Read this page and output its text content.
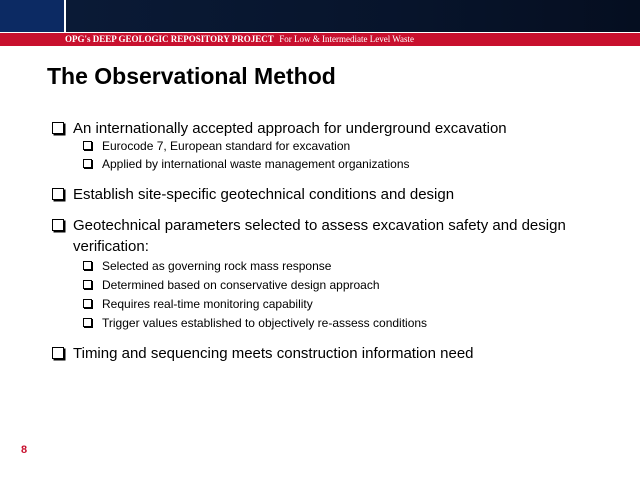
OPG's DEEP GEOLOGIC REPOSITORY PROJECT For Low & Intermediate Level Waste
The Observational Method
An internationally accepted approach for underground excavation
Eurocode 7, European standard for excavation
Applied by international waste management organizations
Establish site-specific geotechnical conditions and design
Geotechnical parameters selected to assess excavation safety and design verification:
Selected as governing rock mass response
Determined based on conservative design approach
Requires real-time monitoring capability
Trigger values established to objectively re-assess conditions
Timing and sequencing meets construction information need
8
